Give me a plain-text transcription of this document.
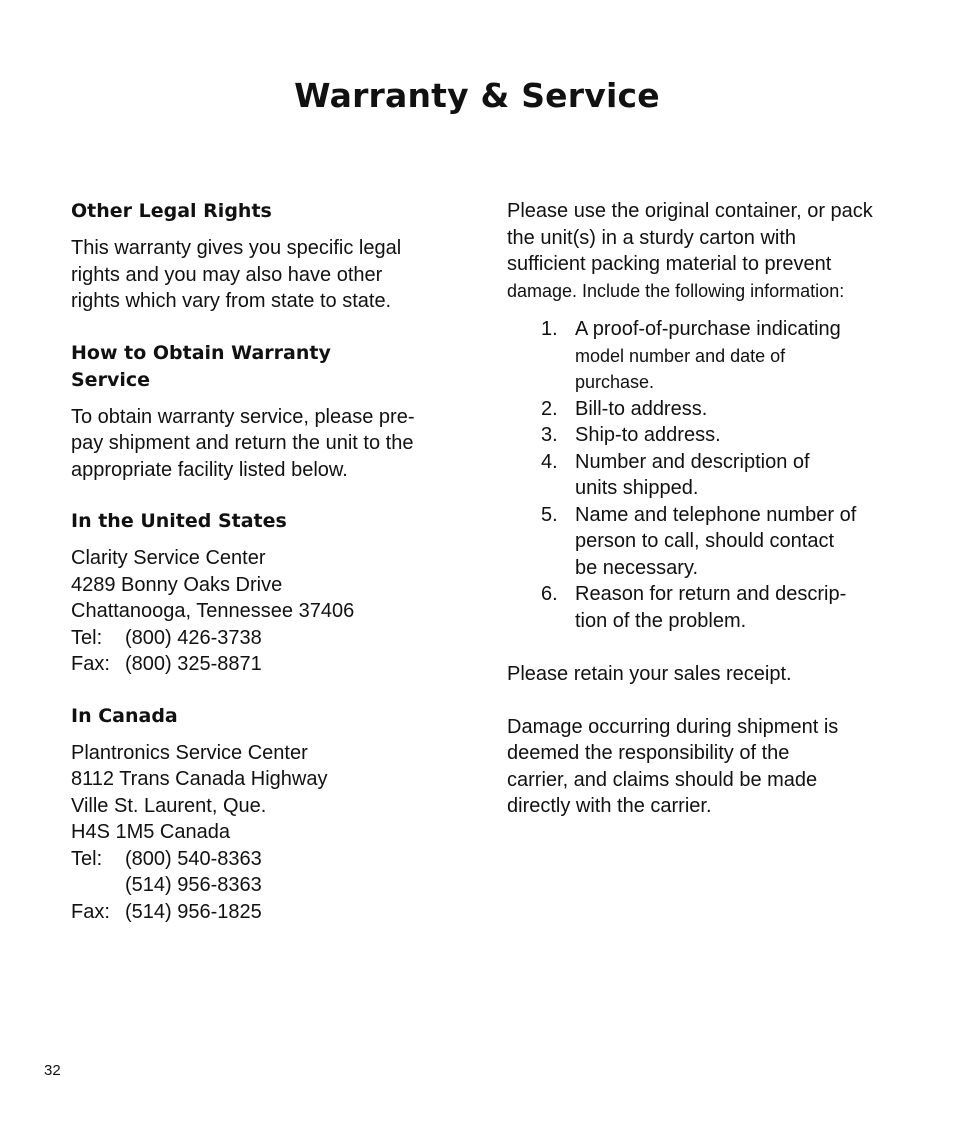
Warranty & Service
Other Legal Rights

This warranty gives you specific legal
rights and you may also have other
rights which vary from state to state.

How to Obtain Warranty
Service

To obtain warranty service, please pre-
pay shipment and return the unit to the
appropriate facility listed below.

In the United States

Clarity Service Center
4289 Bonny Oaks Drive
Chattanooga, Tennessee 37406
Tel: (800) 426-3738
Fax: (800) 325-8871

In Canada

Plantronics Service Center
8112 Trans Canada Highway
Ville St. Laurent, Que.
H4S 1M5 Canada
Tel: (800) 540-8363
(514) 956-8363
Fax: (514) 956-1825

Please use the original container, or pack
the unit(s) in a sturdy carton with
sufficient packing material to prevent
damage. Include the following information:

1. A proof-of-purchase indicating
model number and date of
purchase.
2. Bill-to address.
3. Ship-to address.
4. Number and description of
units shipped.
5. Name and telephone number of
person to call, should contact
be necessary.
6. Reason for return and descrip-
tion of the problem.

Please retain your sales receipt.

Damage occurring during shipment is
deemed the responsibility of the
carrier, and claims should be made
directly with the carrier.

32
